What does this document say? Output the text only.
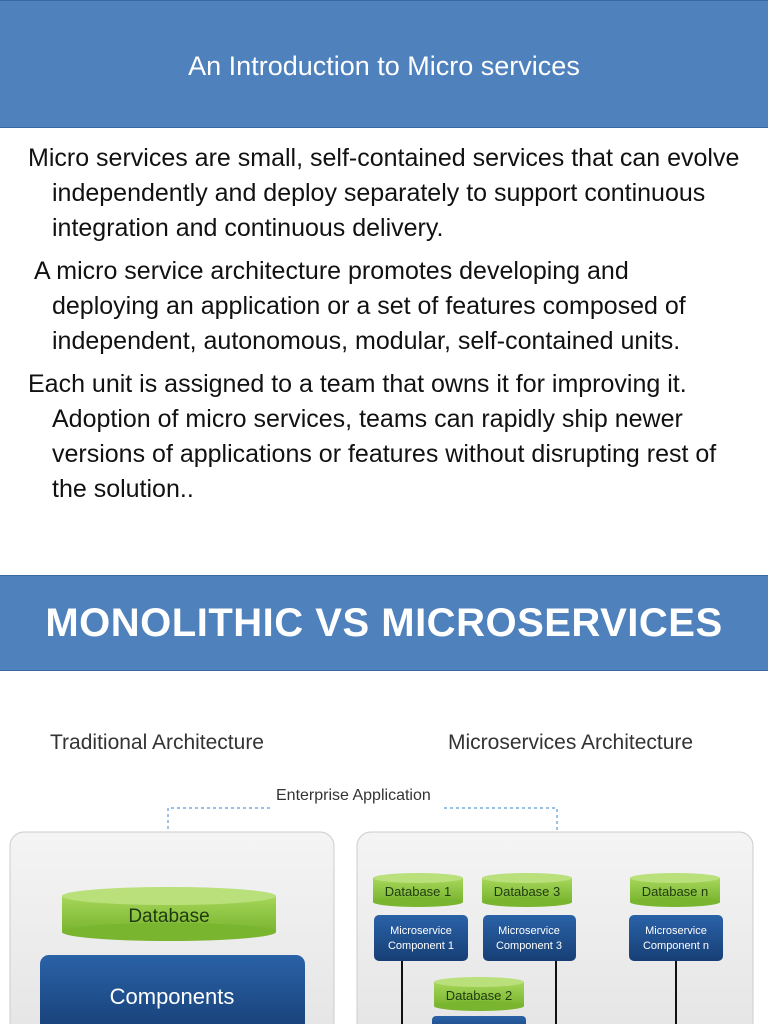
An Introduction to Micro services

Micro services are small, self-contained services that can evolve independently and deploy separately to support continuous integration and continuous delivery.

A micro service architecture promotes developing and deploying an application or a set of features composed of independent, autonomous, modular, self-contained units.

Each unit is assigned to a team that owns it for improving it. Adoption of micro services, teams can rapidly ship newer versions of applications or features without disrupting rest of the solution..

MONOLITHIC VS MICROSERVICES
Traditional Architecture	Microservices Architecture
Enterprise Application
Database
Components
Database 1	Database 3	Database n
Database 2
Microservice
Component 1
Microservice
Component 3
Microservice
Component n
